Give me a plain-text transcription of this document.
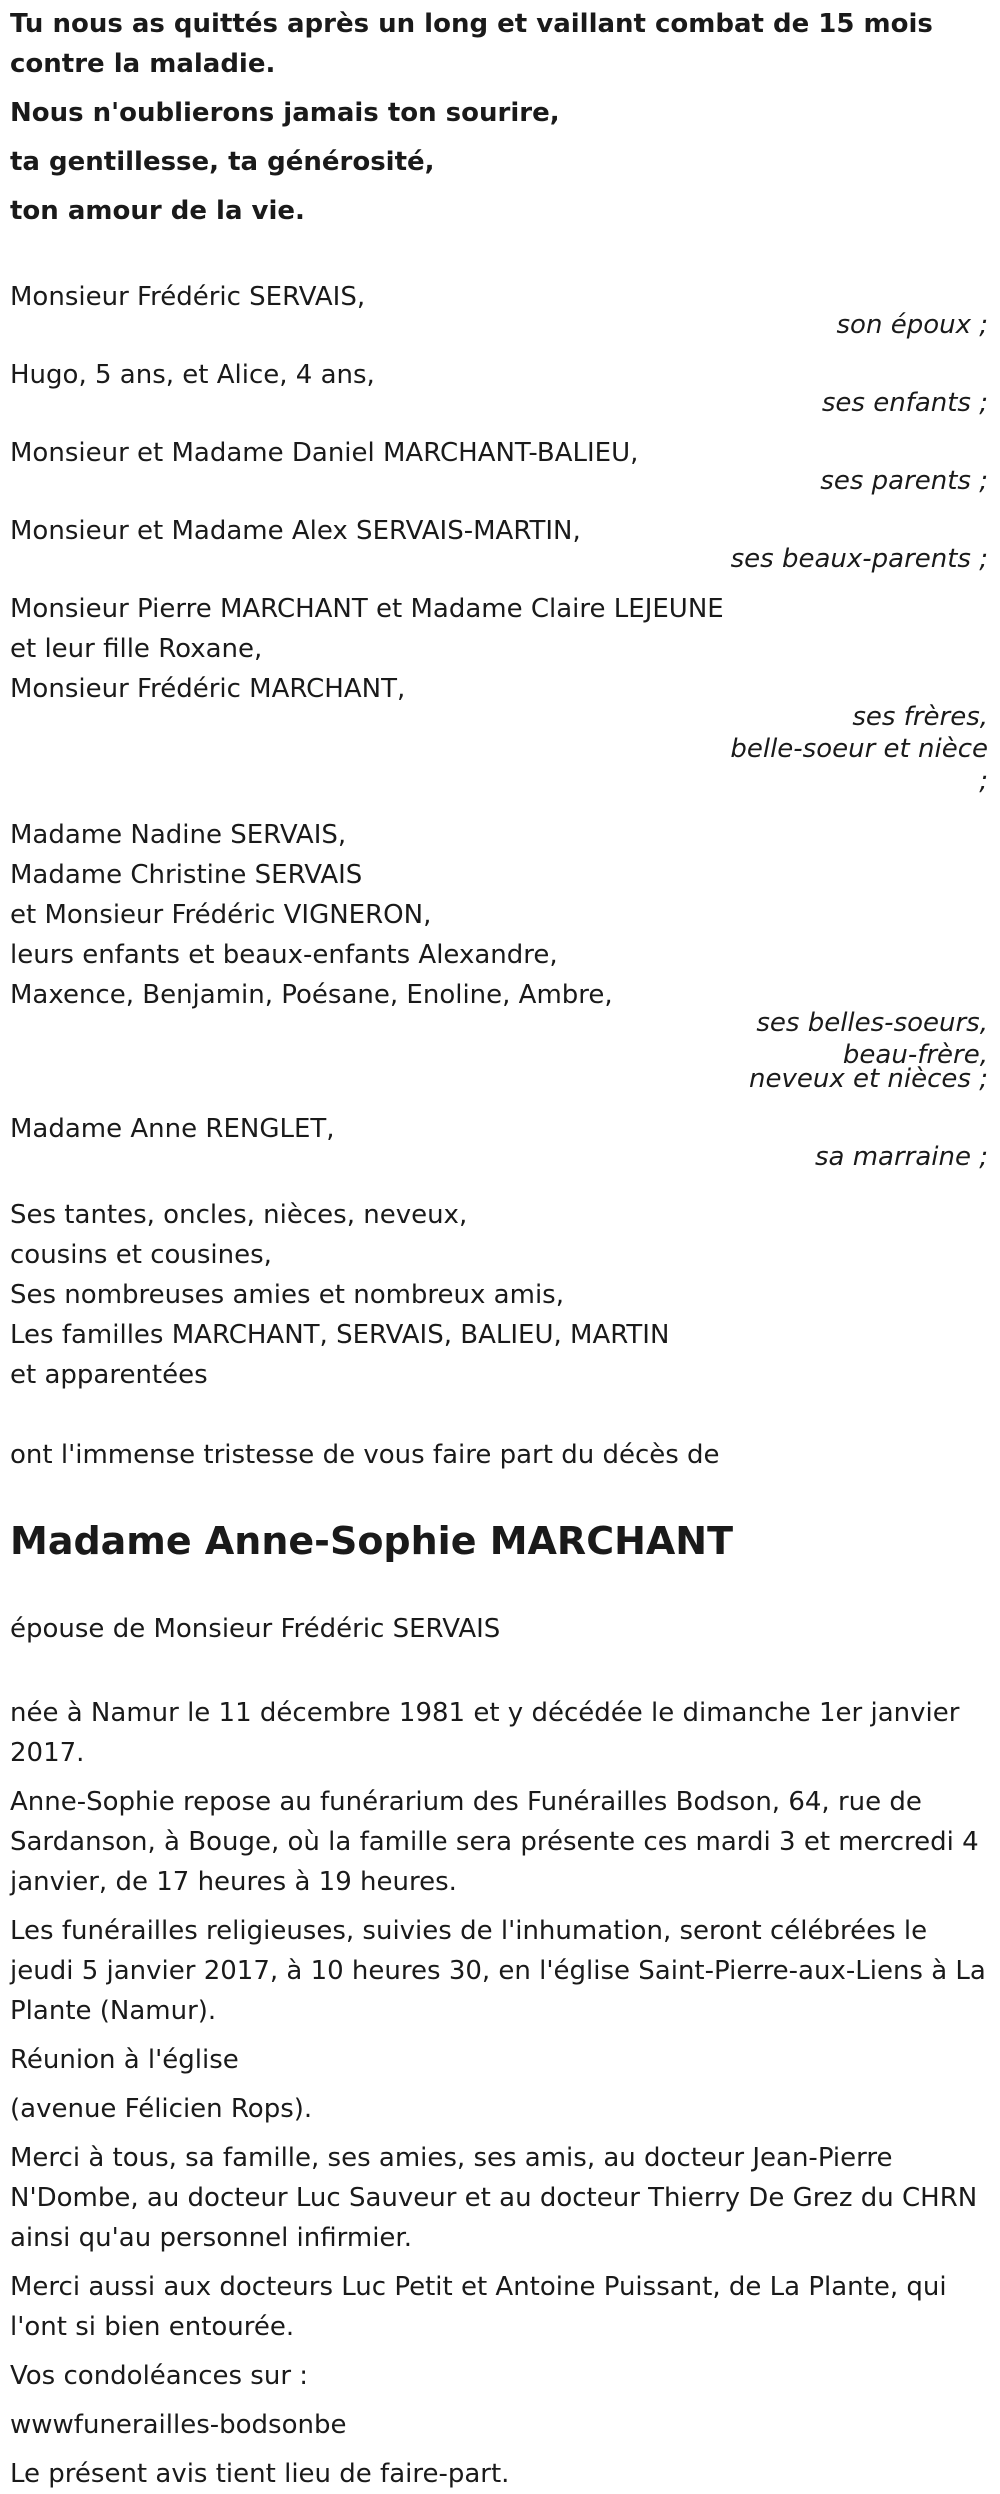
Tu nous as quittés après un long et vaillant combat de 15 mois contre la maladie.

Nous n'oublierons jamais ton sourire,

ta gentillesse, ta générosité,

ton amour de la vie.

Monsieur Frédéric SERVAIS,
son époux ;
Hugo, 5 ans, et Alice, 4 ans,
ses enfants ;
Monsieur et Madame Daniel MARCHANT-BALIEU,
ses parents ;
Monsieur et Madame Alex SERVAIS-MARTIN,
ses beaux-parents ;
Monsieur Pierre MARCHANT et Madame Claire LEJEUNE
et leur fille Roxane,
Monsieur Frédéric MARCHANT,
ses frères,
belle-soeur et nièce
;
Madame Nadine SERVAIS,
Madame Christine SERVAIS
et Monsieur Frédéric VIGNERON,
leurs enfants et beaux-enfants Alexandre,
Maxence, Benjamin, Poésane, Enoline, Ambre,
ses belles-soeurs,
beau-frère,
neveux et nièces ;
Madame Anne RENGLET,
sa marraine ;
Ses tantes, oncles, nièces, neveux,
cousins et cousines,
Ses nombreuses amies et nombreux amis,
Les familles MARCHANT, SERVAIS, BALIEU, MARTIN
et apparentées
ont l'immense tristesse de vous faire part du décès de
Madame Anne-Sophie MARCHANT
épouse de Monsieur Frédéric SERVAIS

née à Namur le 11 décembre 1981 et y décédée le dimanche 1er janvier 2017.

Anne-Sophie repose au funérarium des Funérailles Bodson, 64, rue de Sardanson, à Bouge, où la famille sera présente ces mardi 3 et mercredi 4 janvier, de 17 heures à 19 heures.

Les funérailles religieuses, suivies de l'inhumation, seront célébrées le jeudi 5 janvier 2017, à 10 heures 30, en l'église Saint-Pierre-aux-Liens à La Plante (Namur).

Réunion à l'église

(avenue Félicien Rops).

Merci à tous, sa famille, ses amies, ses amis, au docteur Jean-Pierre N'Dombe, au docteur Luc Sauveur et au docteur Thierry De Grez du CHRN ainsi qu'au personnel infirmier.

Merci aussi aux docteurs Luc Petit et Antoine Puissant, de La Plante, qui l'ont si bien entourée.

Vos condoléances sur :

wwwfunerailles-bodsonbe

Le présent avis tient lieu de faire-part.
